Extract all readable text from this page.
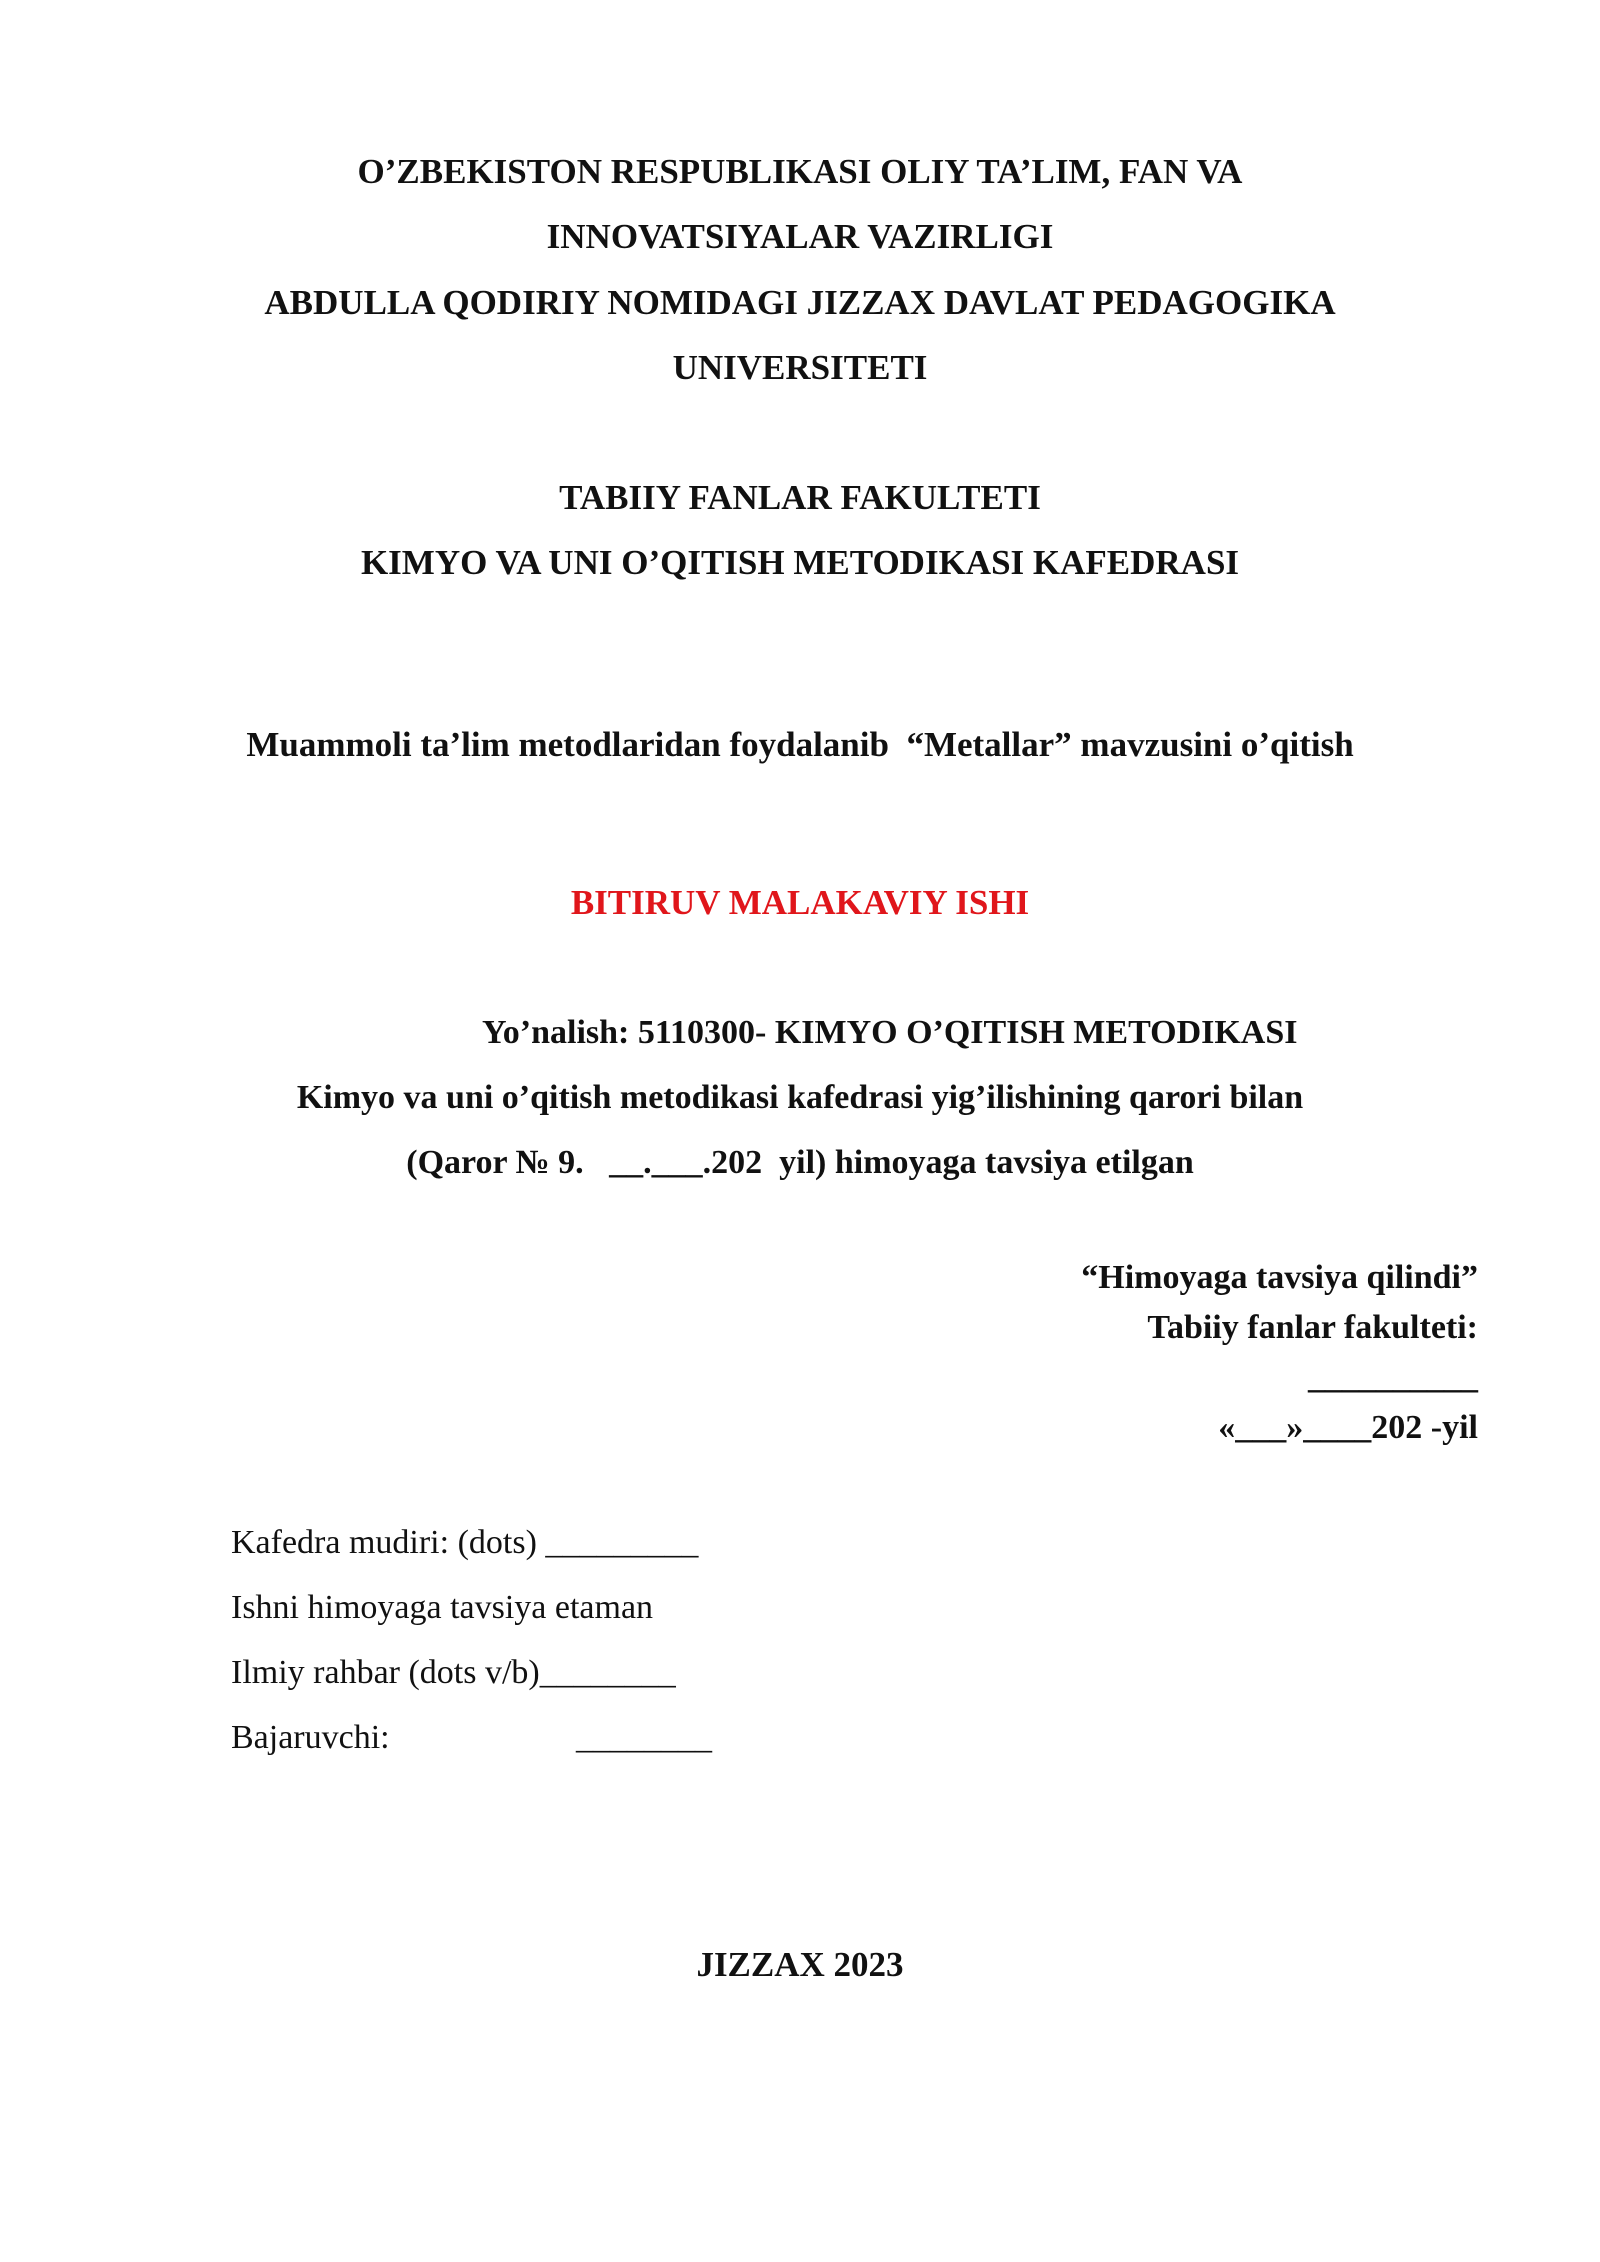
O’ZBEKISTON RESPUBLIKASI OLIY TA’LIM, FAN VA
INNOVATSIYALAR VAZIRLIGI
ABDULLA QODIRIY NOMIDAGI JIZZAX DAVLAT PEDAGOGIKA
UNIVERSITETI
TABIIY FANLAR FAKULTETI
KIMYO VA UNI O’QITISH METODIKASI KAFEDRASI
Muammoli ta’lim metodlaridan foydalanib  “Metallar” mavzusini o’qitish
BITIRUV MALAKAVIY ISHI
Yo’nalish: 5110300- KIMYO O’QITISH METODIKASI
Kimyo va uni o’qitish metodikasi kafedrasi yig’ilishining qarori bilan
(Qaror № 9.   __.___.202  yil) himoyaga tavsiya etilgan
“Himoyaga tavsiya qilindi”
Tabiiy fanlar fakulteti:
__________
«___»____202 -yil
Kafedra mudiri: (dots) _________
Ishni himoyaga tavsiya etaman
Ilmiy rahbar (dots v/b)________
Bajaruvchi:	________
JIZZAX 2023
